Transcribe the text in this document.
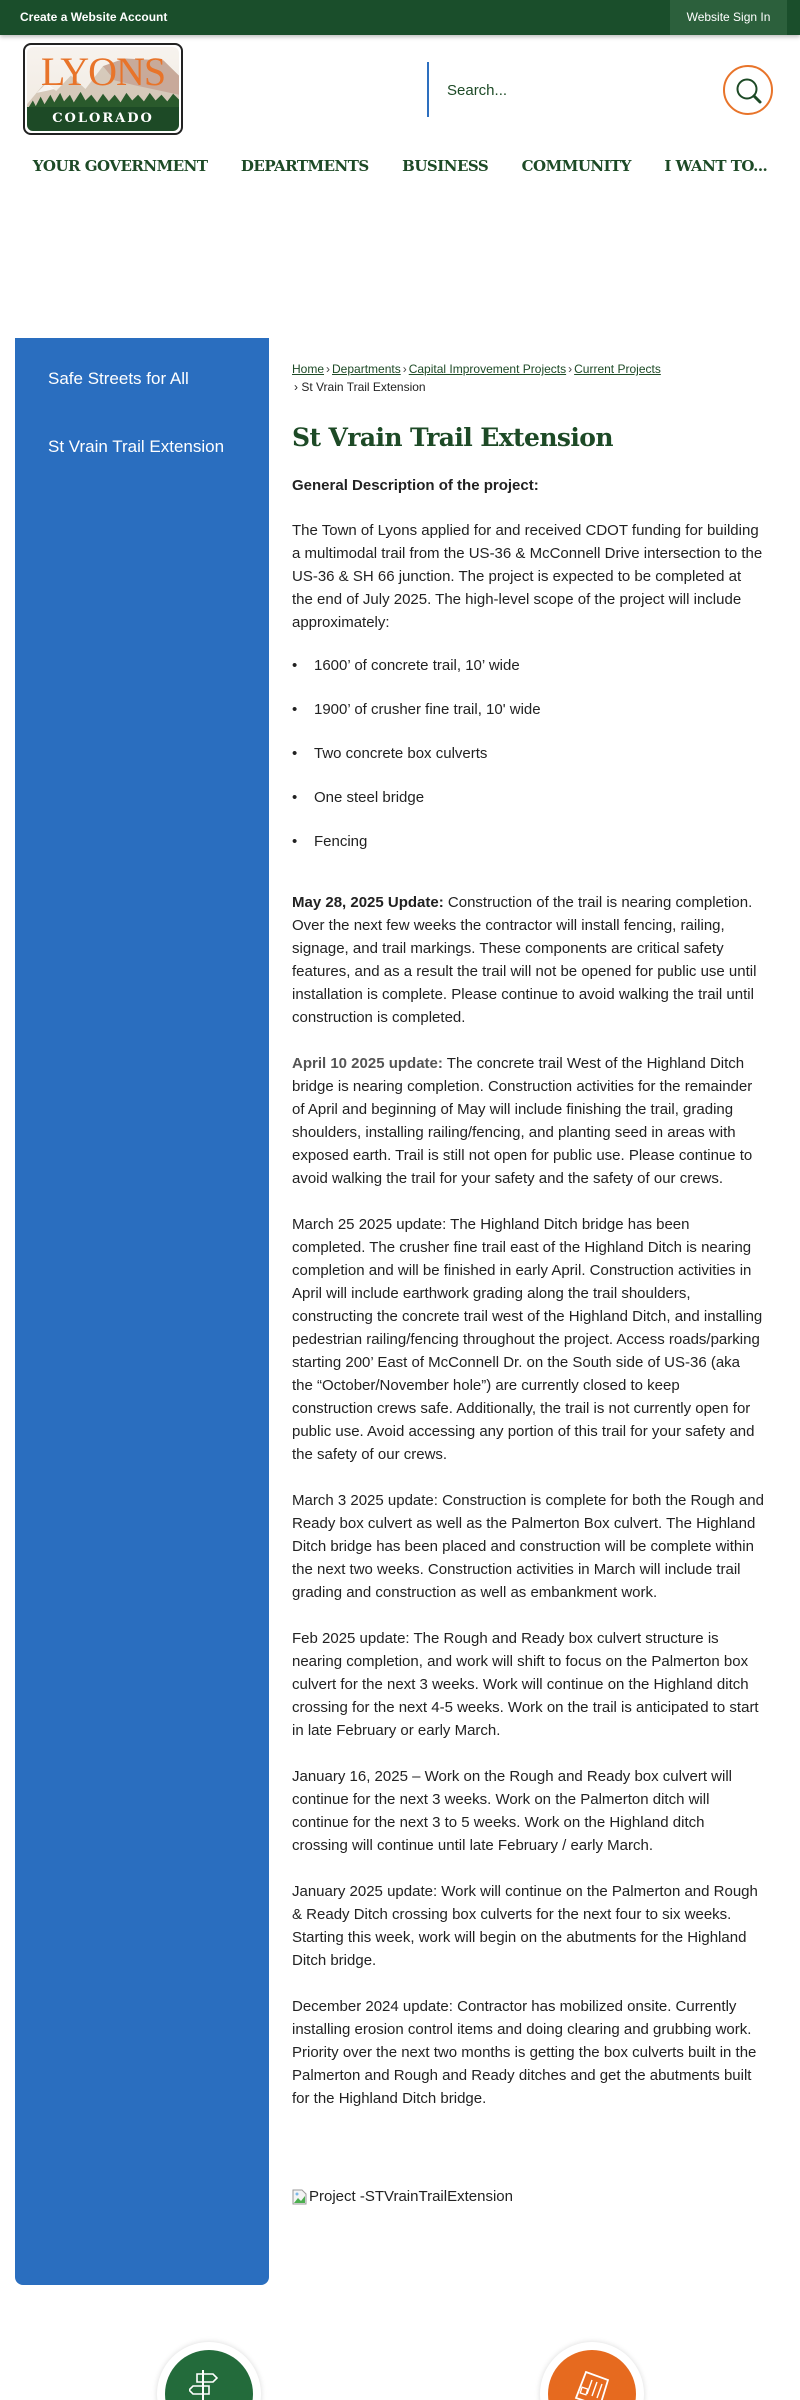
Create a Website Account	Website Sign In
LYONS
COLORADO
Search...
YOUR GOVERNMENT DEPARTMENTS BUSINESS COMMUNITY I WANT TO...
Safe Streets for All
St Vrain Trail Extension
Home › Departments › Capital Improvement Projects › Current Projects
› St Vrain Trail Extension
St Vrain Trail Extension

General Description of the project:

The Town of Lyons applied for and received CDOT funding for building a multimodal trail from the US-36 & McConnell Drive intersection to the US-36 & SH 66 junction. The project is expected to be completed at the end of July 2025. The high-level scope of the project will include approximately:

• 1600’ of concrete trail, 10’ wide
• 1900’ of crusher fine trail, 10' wide
• Two concrete box culverts
• One steel bridge
• Fencing

May 28, 2025 Update: Construction of the trail is nearing completion. Over the next few weeks the contractor will install fencing, railing, signage, and trail markings. These components are critical safety features, and as a result the trail will not be opened for public use until installation is complete. Please continue to avoid walking the trail until construction is completed.

April 10 2025 update: The concrete trail West of the Highland Ditch bridge is nearing completion. Construction activities for the remainder of April and beginning of May will include finishing the trail, grading shoulders, installing railing/fencing, and planting seed in areas with exposed earth. Trail is still not open for public use. Please continue to avoid walking the trail for your safety and the safety of our crews.

March 25 2025 update: The Highland Ditch bridge has been completed. The crusher fine trail east of the Highland Ditch is nearing completion and will be finished in early April. Construction activities in April will include earthwork grading along the trail shoulders, constructing the concrete trail west of the Highland Ditch, and installing pedestrian railing/fencing throughout the project. Access roads/parking starting 200’ East of McConnell Dr. on the South side of US-36 (aka the “October/November hole”) are currently closed to keep construction crews safe. Additionally, the trail is not currently open for public use. Avoid accessing any portion of this trail for your safety and the safety of our crews.

March 3 2025 update: Construction is complete for both the Rough and Ready box culvert as well as the Palmerton Box culvert. The Highland Ditch bridge has been placed and construction will be complete within the next two weeks. Construction activities in March will include trail grading and construction as well as embankment work.

Feb 2025 update: The Rough and Ready box culvert structure is nearing completion, and work will shift to focus on the Palmerton box culvert for the next 3 weeks. Work will continue on the Highland ditch crossing for the next 4-5 weeks. Work on the trail is anticipated to start in late February or early March.

January 16, 2025 – Work on the Rough and Ready box culvert will continue for the next 3 weeks. Work on the Palmerton ditch will continue for the next 3 to 5 weeks. Work on the Highland ditch crossing will continue until late February / early March.

January 2025 update: Work will continue on the Palmerton and Rough & Ready Ditch crossing box culverts for the next four to six weeks. Starting this week, work will begin on the abutments for the Highland Ditch bridge.

December 2024 update: Contractor has mobilized onsite. Currently installing erosion control items and doing clearing and grubbing work. Priority over the next two months is getting the box culverts built in the Palmerton and Rough and Ready ditches and get the abutments built for the Highland Ditch bridge.

Project -STVrainTrailExtension
